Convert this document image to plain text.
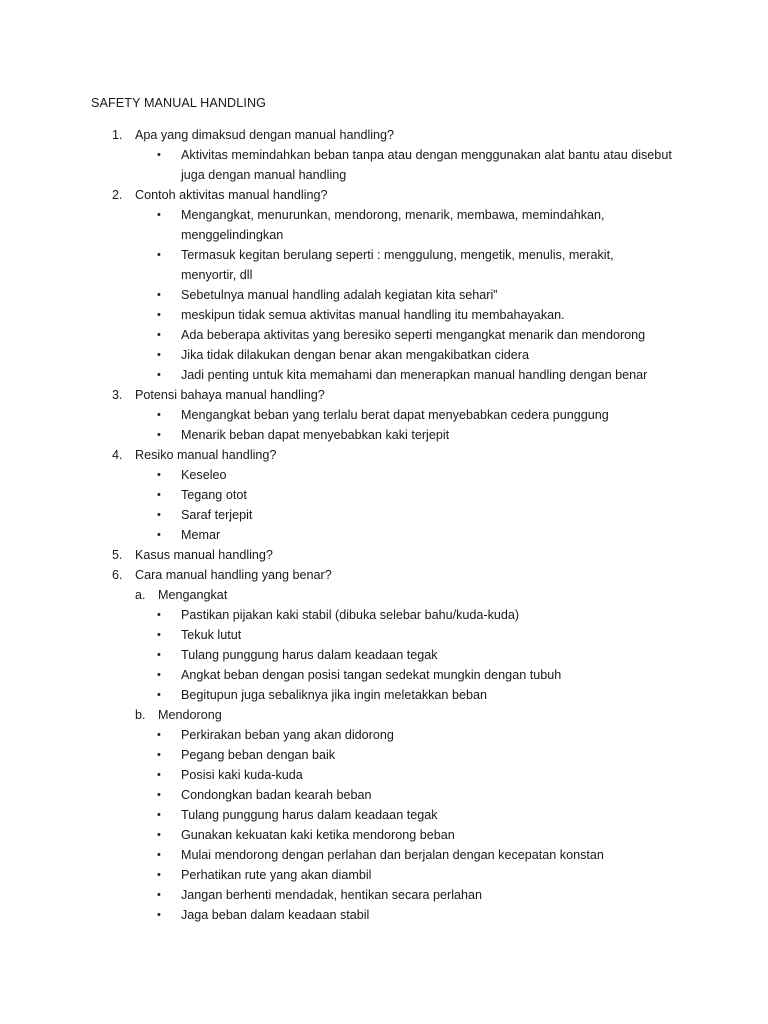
SAFETY MANUAL HANDLING
1. Apa yang dimaksud dengan manual handling?
• Aktivitas memindahkan beban tanpa atau dengan menggunakan alat bantu atau disebut
juga dengan manual handling
2. Contoh aktivitas manual handling?
• Mengangkat, menurunkan, mendorong, menarik, membawa, memindahkan,
menggelindingkan
• Termasuk kegitan berulang seperti : menggulung, mengetik, menulis, merakit,
menyortir, dll
• Sebetulnya manual handling adalah kegiatan kita sehari”
• meskipun tidak semua aktivitas manual handling itu membahayakan.
• Ada beberapa aktivitas yang beresiko seperti mengangkat menarik dan mendorong
• Jika tidak dilakukan dengan benar akan mengakibatkan cidera
• Jadi penting untuk kita memahami dan menerapkan manual handling dengan benar
3. Potensi bahaya manual handling?
• Mengangkat beban yang terlalu berat dapat menyebabkan cedera punggung
• Menarik beban dapat menyebabkan kaki terjepit
4. Resiko manual handling?
• Keseleo
• Tegang otot
• Saraf terjepit
• Memar
5. Kasus manual handling?
6. Cara manual handling yang benar?
a. Mengangkat
• Pastikan pijakan kaki stabil (dibuka selebar bahu/kuda-kuda)
• Tekuk lutut
• Tulang punggung harus dalam keadaan tegak
• Angkat beban dengan posisi tangan sedekat mungkin dengan tubuh
• Begitupun juga sebaliknya jika ingin meletakkan beban
b. Mendorong
• Perkirakan beban yang akan didorong
• Pegang beban dengan baik
• Posisi kaki kuda-kuda
• Condongkan badan kearah beban
• Tulang punggung harus dalam keadaan tegak
• Gunakan kekuatan kaki ketika mendorong beban
• Mulai mendorong dengan perlahan dan berjalan dengan kecepatan konstan
• Perhatikan rute yang akan diambil
• Jangan berhenti mendadak, hentikan secara perlahan
• Jaga beban dalam keadaan stabil
